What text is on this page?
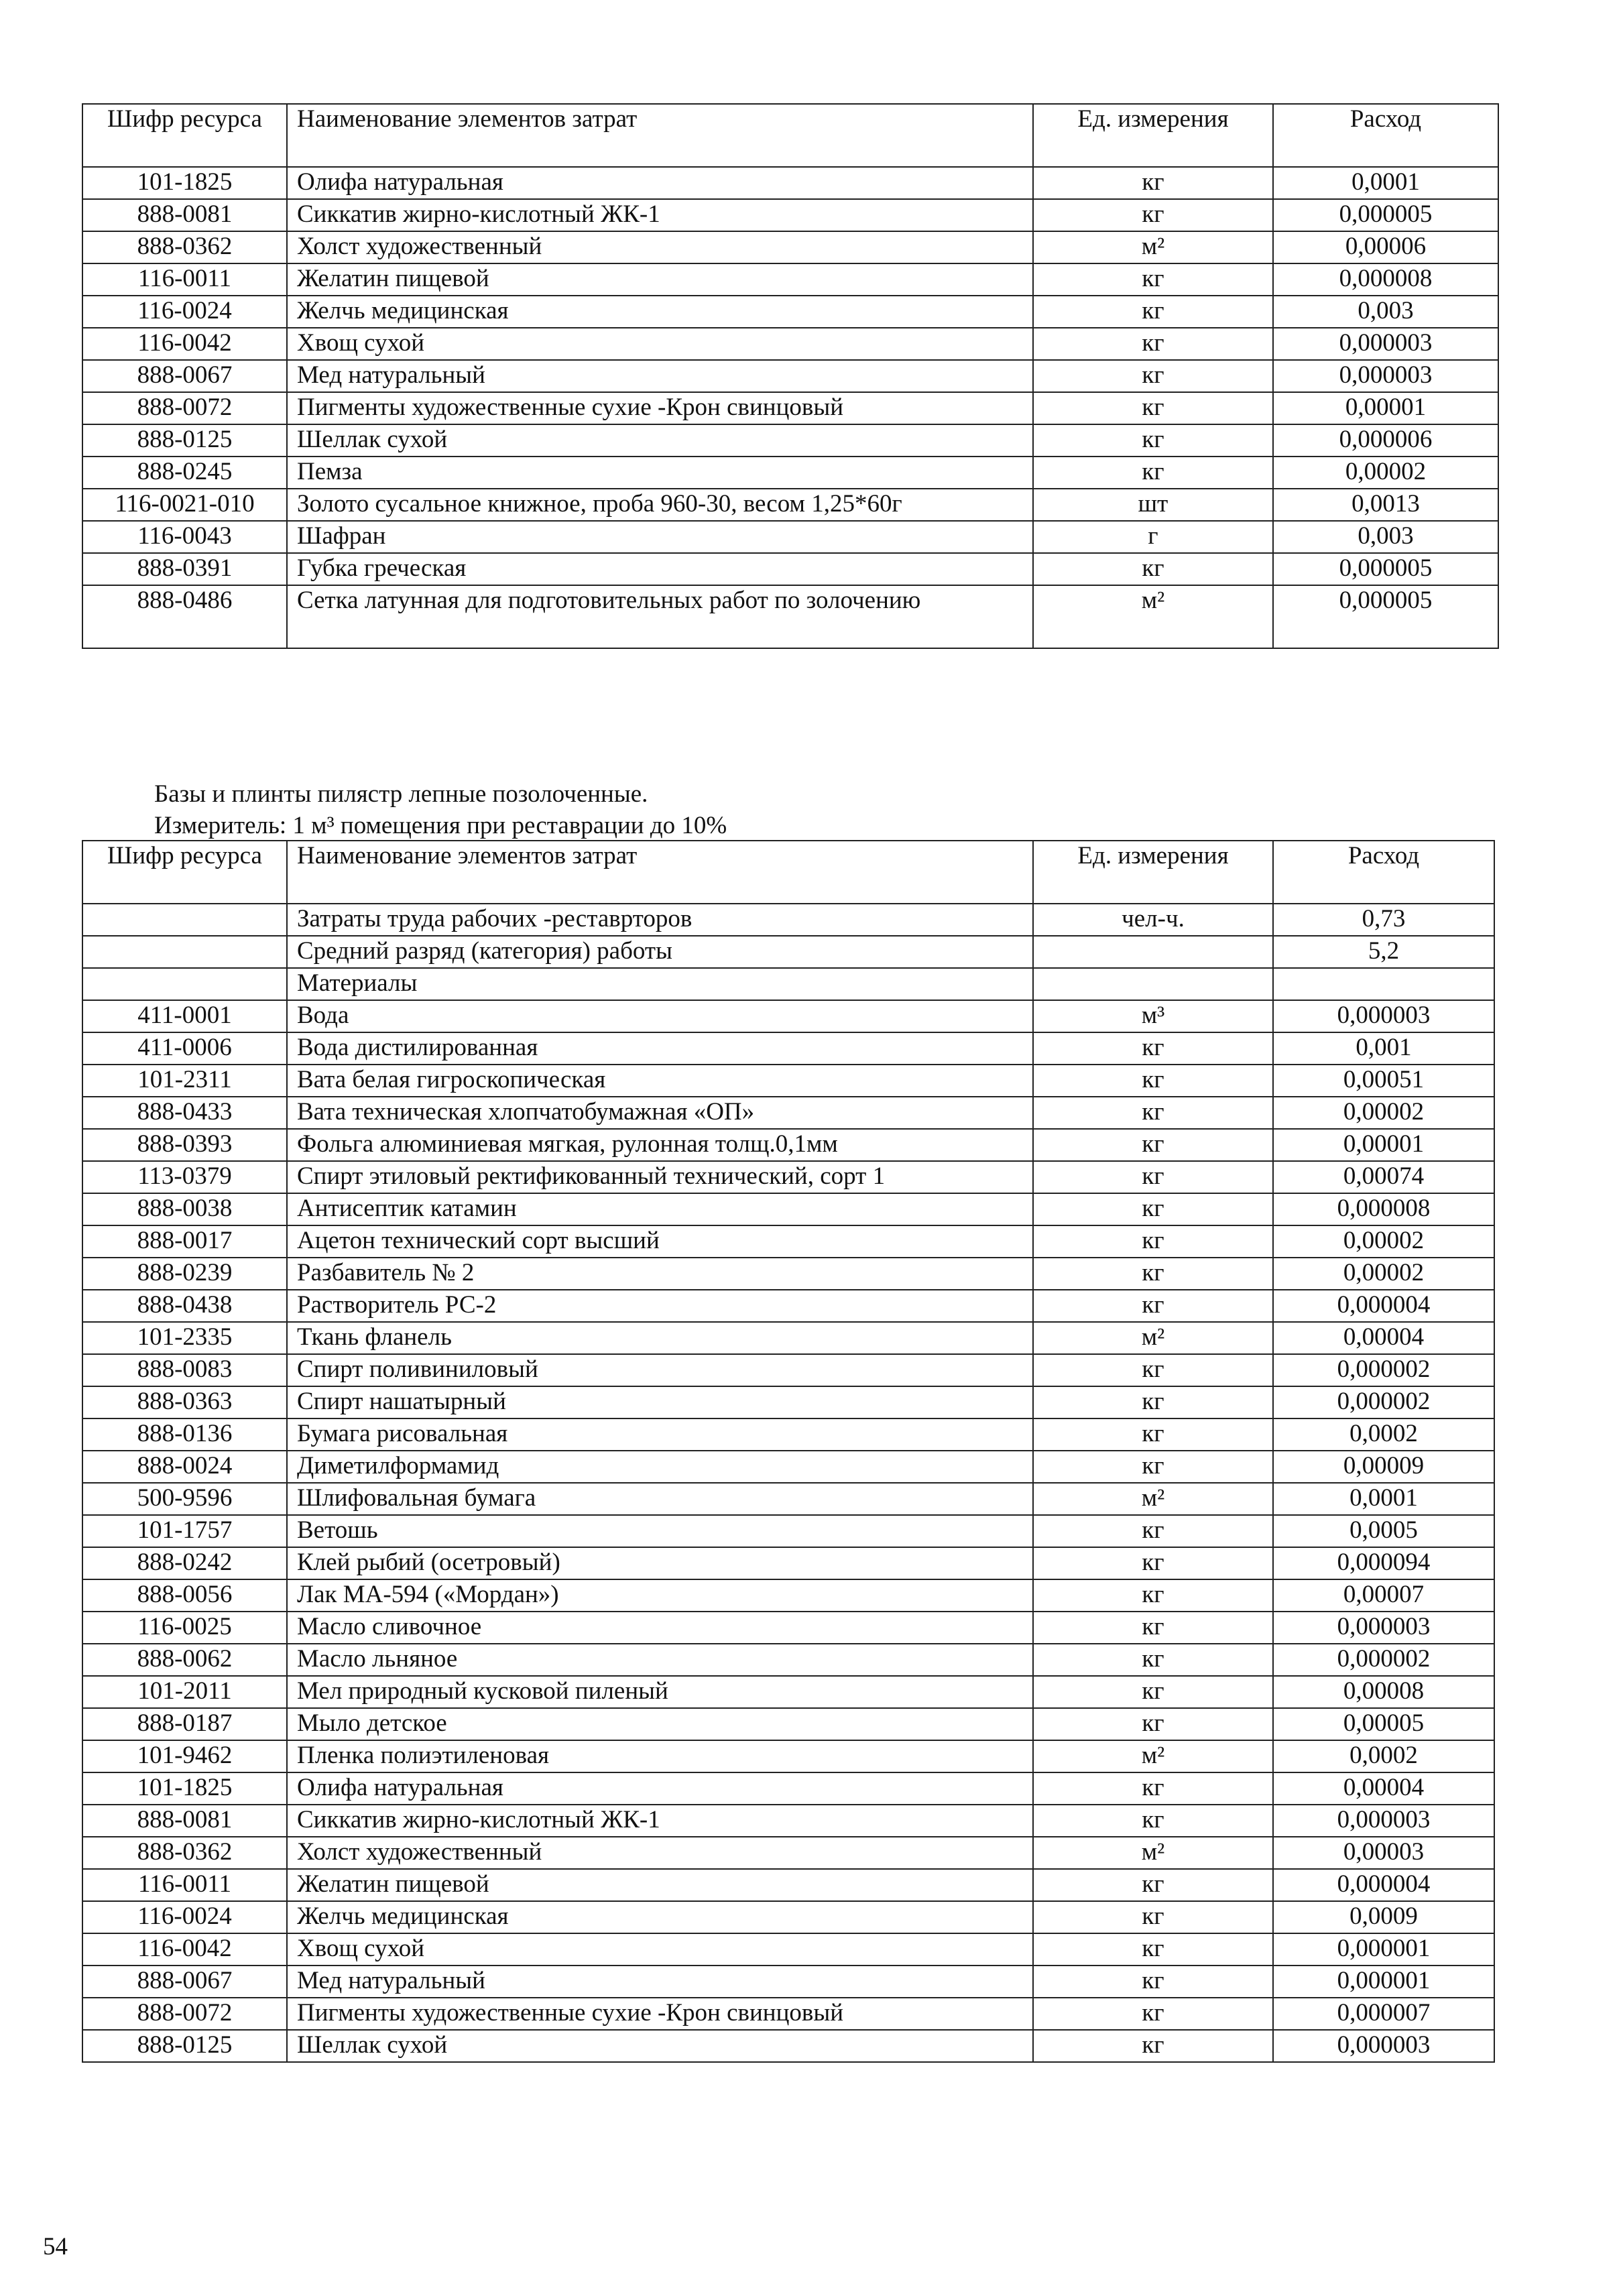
Шифр ресурса	Наименование элементов затрат	Ед. измерения	Расход
101-1825	Олифа натуральная	кг	0,0001
888-0081	Сиккатив жирно-кислотный ЖК-1	кг	0,000005
888-0362	Холст художественный	м²	0,00006
116-0011	Желатин пищевой	кг	0,000008
116-0024	Желчь медицинская	кг	0,003
116-0042	Хвощ сухой	кг	0,000003
888-0067	Мед натуральный	кг	0,000003
888-0072	Пигменты художественные сухие -Крон свинцовый	кг	0,00001
888-0125	Шеллак сухой	кг	0,000006
888-0245	Пемза	кг	0,00002
116-0021-010	Золото сусальное книжное, проба 960-30, весом 1,25*60г	шт	0,0013
116-0043	Шафран	г	0,003
888-0391	Губка греческая	кг	0,000005
888-0486	Сетка латунная для подготовительных работ по золочению	м²	0,000005
Базы и плинты пилястр лепные позолоченные.
Измеритель: 1 м³ помещения при реставрации до 10%
Шифр ресурса	Наименование элементов затрат	Ед. измерения	Расход
	Затраты труда рабочих -реставрторов	чел-ч.	0,73
	Средний разряд (категория) работы		5,2
	Материалы		
411-0001	Вода	м³	0,000003
411-0006	Вода дистилированная	кг	0,001
101-2311	Вата белая гигроскопическая	кг	0,00051
888-0433	Вата техническая хлопчатобумажная «ОП»	кг	0,00002
888-0393	Фольга алюминиевая мягкая, рулонная толщ.0,1мм	кг	0,00001
113-0379	Спирт этиловый ректификованный технический, сорт 1	кг	0,00074
888-0038	Антисептик катамин	кг	0,000008
888-0017	Ацетон технический сорт высший	кг	0,00002
888-0239	Разбавитель № 2	кг	0,00002
888-0438	Растворитель РС-2	кг	0,000004
101-2335	Ткань фланель	м²	0,00004
888-0083	Спирт поливиниловый	кг	0,000002
888-0363	Спирт нашатырный	кг	0,000002
888-0136	Бумага рисовальная	кг	0,0002
888-0024	Диметилформамид	кг	0,00009
500-9596	Шлифовальная бумага	м²	0,0001
101-1757	Ветошь	кг	0,0005
888-0242	Клей рыбий (осетровый)	кг	0,000094
888-0056	Лак МА-594 («Мордан»)	кг	0,00007
116-0025	Масло сливочное	кг	0,000003
888-0062	Масло льняное	кг	0,000002
101-2011	Мел природный кусковой пиленый	кг	0,00008
888-0187	Мыло детское	кг	0,00005
101-9462	Пленка полиэтиленовая	м²	0,0002
101-1825	Олифа натуральная	кг	0,00004
888-0081	Сиккатив жирно-кислотный ЖК-1	кг	0,000003
888-0362	Холст художественный	м²	0,00003
116-0011	Желатин пищевой	кг	0,000004
116-0024	Желчь медицинская	кг	0,0009
116-0042	Хвощ сухой	кг	0,000001
888-0067	Мед натуральный	кг	0,000001
888-0072	Пигменты художественные сухие -Крон свинцовый	кг	0,000007
888-0125	Шеллак сухой	кг	0,000003
54
